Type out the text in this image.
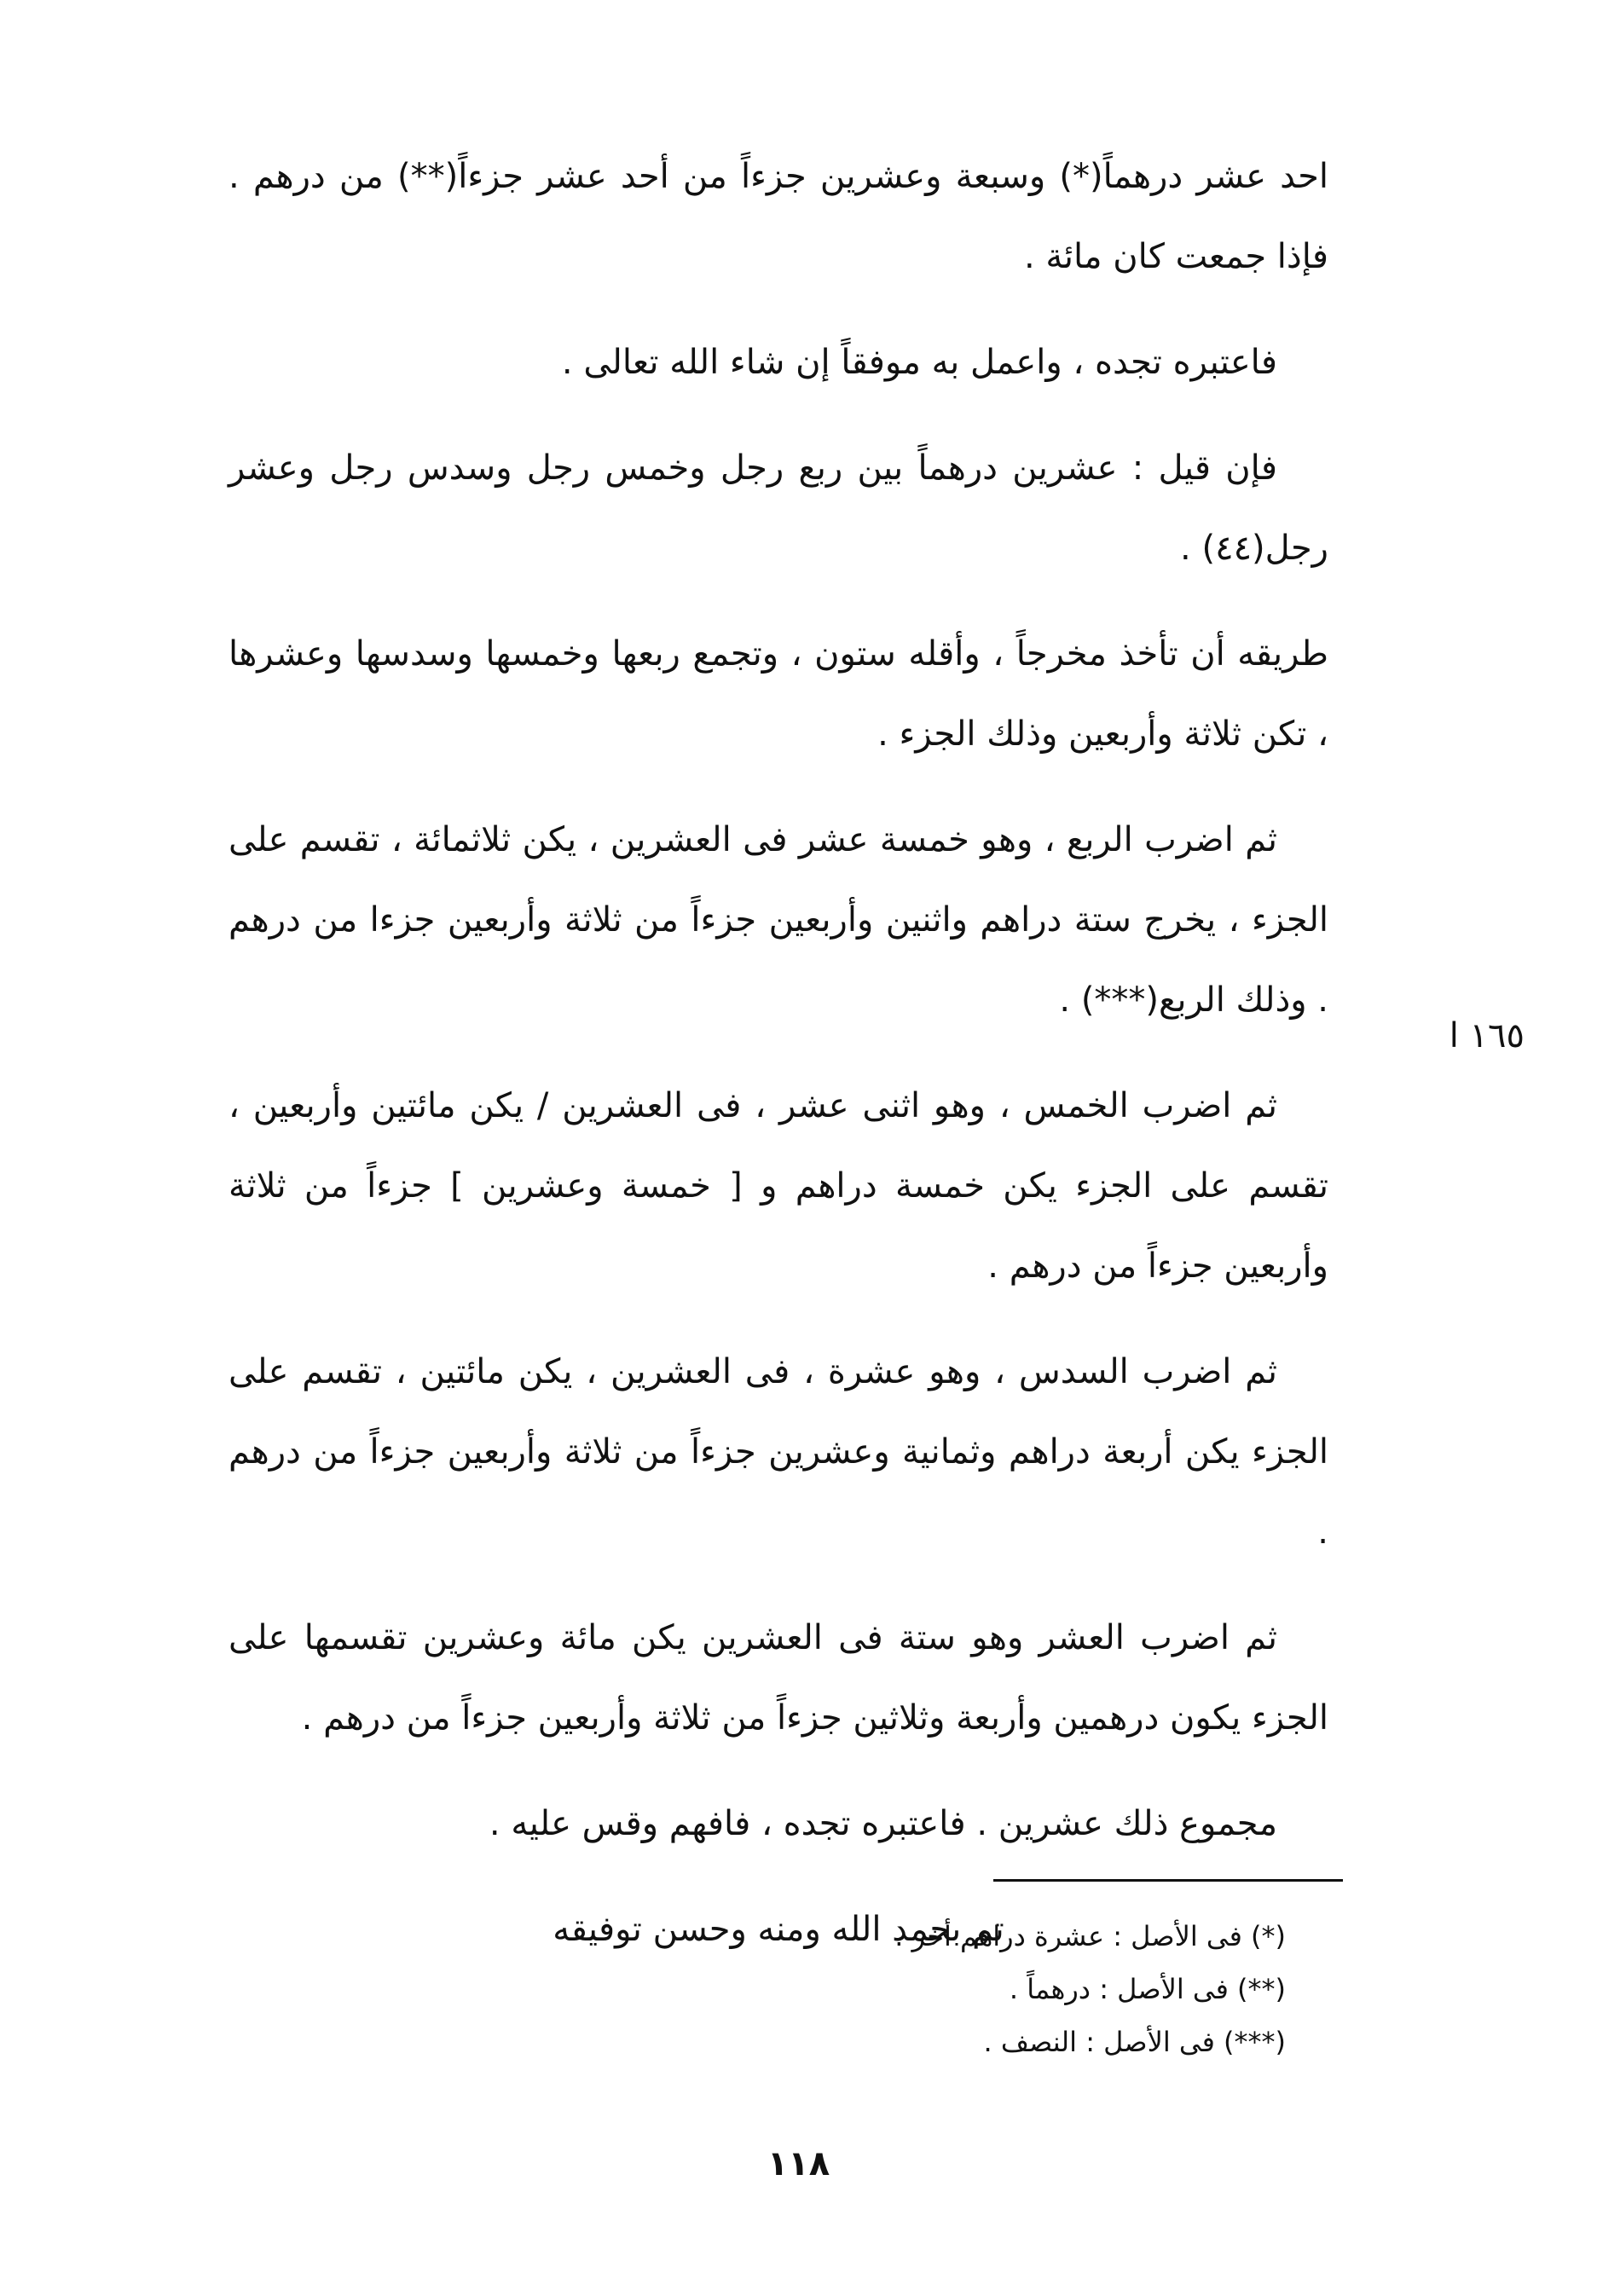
١٦٥ ا

احد عشر درهماً(*) وسبعة وعشرين جزءاً من أحد عشر جزءاً(**) من درهم . فإذا جمعت كان مائة .

فاعتبره تجده ، واعمل به موفقاً إن شاء الله تعالى .

فإن قيل : عشرين درهماً بين ربع رجل وخمس رجل وسدس رجل وعشر رجل(٤٤) .

طريقه أن تأخذ مخرجاً ، وأقله ستون ، وتجمع ربعها وخمسها وسدسها وعشرها ، تكن ثلاثة وأربعين وذلك الجزء .

ثم اضرب الربع ، وهو خمسة عشر فى العشرين ، يكن ثلاثمائة ، تقسم على الجزء ، يخرج ستة دراهم واثنين وأربعين جزءاً من ثلاثة وأربعين جزءا من درهم . وذلك الربع(***) .

ثم اضرب الخمس ، وهو اثنى عشر ، فى العشرين / يكن مائتين وأربعين ، تقسم على الجزء يكن خمسة دراهم و [ خمسة وعشرين ] جزءاً من ثلاثة وأربعين جزءاً من درهم .

ثم اضرب السدس ، وهو عشرة ، فى العشرين ، يكن مائتين ، تقسم على الجزء يكن أربعة دراهم وثمانية وعشرين جزءاً من ثلاثة وأربعين جزءاً من درهم .

ثم اضرب العشر وهو ستة فى العشرين يكن مائة وعشرين تقسمها على الجزء يكون درهمين وأربعة وثلاثين جزءاً من ثلاثة وأربعين جزءاً من درهم .

مجموع ذلك عشرين . فاعتبره تجده ، فافهم وقس عليه .

تم بحمد الله ومنه وحسن توفيقه

(*) فى الأصل : عشرة دراهم أخر .

(**) فى الأصل : درهماً .

(***) فى الأصل : النصف .

١١٨
